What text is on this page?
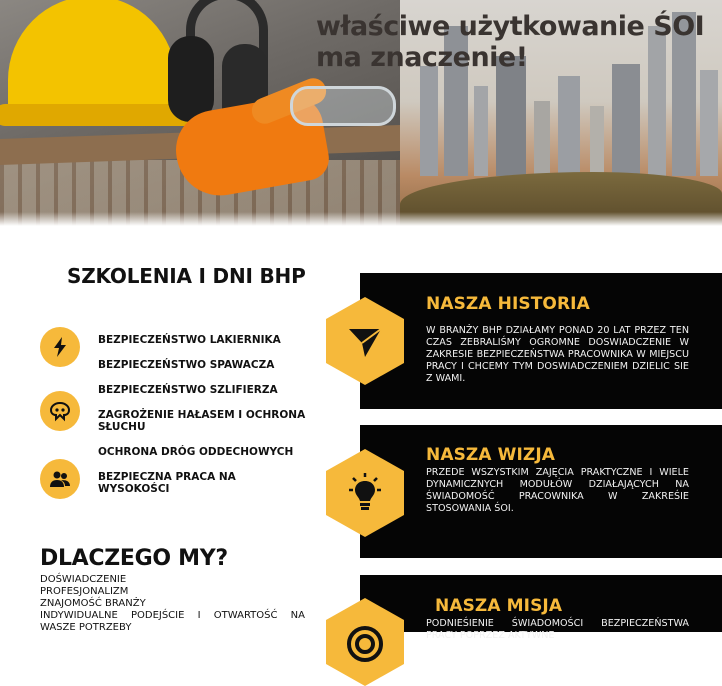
właściwe użytkowanie ŚOI
ma znaczenie!
SZKOLENIA I DNI BHP

BEZPIECZEŃSTWO LAKIERNIKA

BEZPIECZEŃSTWO SPAWACZA

BEZPIECZEŃSTWO SZLIFIERZA

ZAGROŻENIE HAŁASEM I OCHRONA SŁUCHU

OCHRONA DRÓG ODDECHOWYCH

BEZPIECZNA PRACA NA WYSOKOŚCI

DLACZEGO MY?
DOŚWIADCZENIE
PROFESJONALIZM
ZNAJOMOŚĆ BRANŻY
INDYWIDUALNE PODEJŚCIE I OTWARTOŚĆ NA
WASZE POTRZEBY
NASZA HISTORIA

W BRANŻY BHP DZIAŁAMY PONAD 20 LAT PRZEZ TEN CZAS ZEBRALIŚMY OGROMNE DOSWIADCZENIE W ZAKRESIE BEZPIECZEŃSTWA PRACOWNIKA W MIEJSCU PRACY I CHCEMY TYM DOSWIADCZENIEM DZIELIC SIE Z WAMI.

NASZA WIZJA

PRZEDE WSZYSTKIM ZAJĘCIA PRAKTYCZNE I WIELE DYNAMICZNYCH MODUŁÓW DZIAŁAJĄCYCH NA ŚWIADOMOŚĆ PRACOWNIKA W ZAKREŚIE STOSOWANIA ŚOI.

NASZA MISJA

PODNIEŚIENIE ŚWIADOMOŚCI BEZPIECZEŃSTWA PRACY POPRZEZ AKTYWNE
